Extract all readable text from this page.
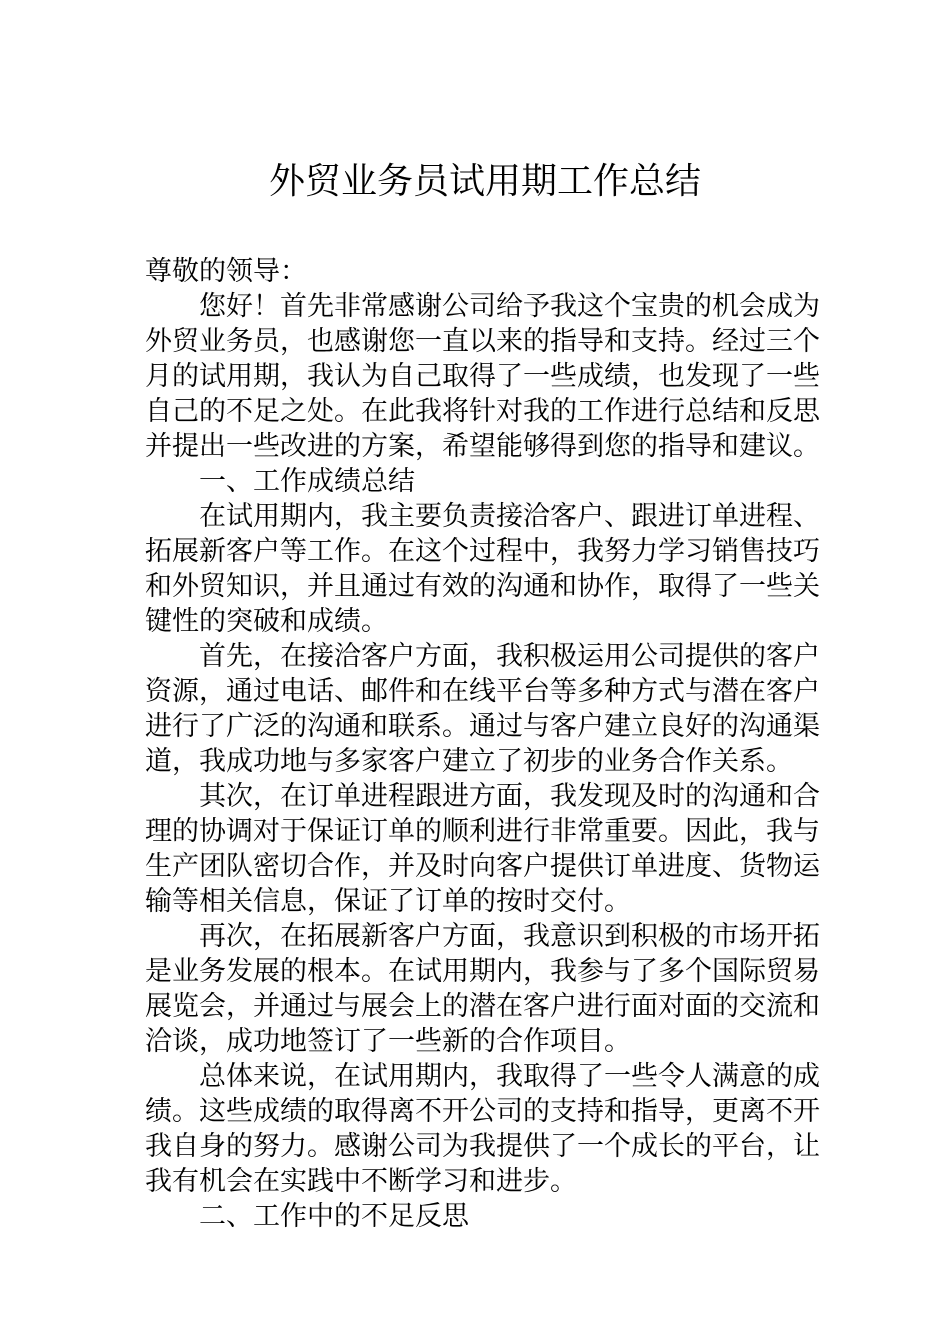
外贸业务员试用期工作总结

尊敬的领导：

您好！首先非常感谢公司给予我这个宝贵的机会成为外贸业务员，也感谢您一直以来的指导和支持。经过三个月的试用期，我认为自己取得了一些成绩，也发现了一些自己的不足之处。在此我将针对我的工作进行总结和反思并提出一些改进的方案，希望能够得到您的指导和建议。

一、工作成绩总结

在试用期内，我主要负责接洽客户、跟进订单进程、拓展新客户等工作。在这个过程中，我努力学习销售技巧和外贸知识，并且通过有效的沟通和协作，取得了一些关键性的突破和成绩。

首先，在接洽客户方面，我积极运用公司提供的客户资源，通过电话、邮件和在线平台等多种方式与潜在客户进行了广泛的沟通和联系。通过与客户建立良好的沟通渠道，我成功地与多家客户建立了初步的业务合作关系。

其次，在订单进程跟进方面，我发现及时的沟通和合理的协调对于保证订单的顺利进行非常重要。因此，我与生产团队密切合作，并及时向客户提供订单进度、货物运输等相关信息，保证了订单的按时交付。

再次，在拓展新客户方面，我意识到积极的市场开拓是业务发展的根本。在试用期内，我参与了多个国际贸易展览会，并通过与展会上的潜在客户进行面对面的交流和洽谈，成功地签订了一些新的合作项目。

总体来说，在试用期内，我取得了一些令人满意的成绩。这些成绩的取得离不开公司的支持和指导，更离不开我自身的努力。感谢公司为我提供了一个成长的平台，让我有机会在实践中不断学习和进步。

二、工作中的不足反思
